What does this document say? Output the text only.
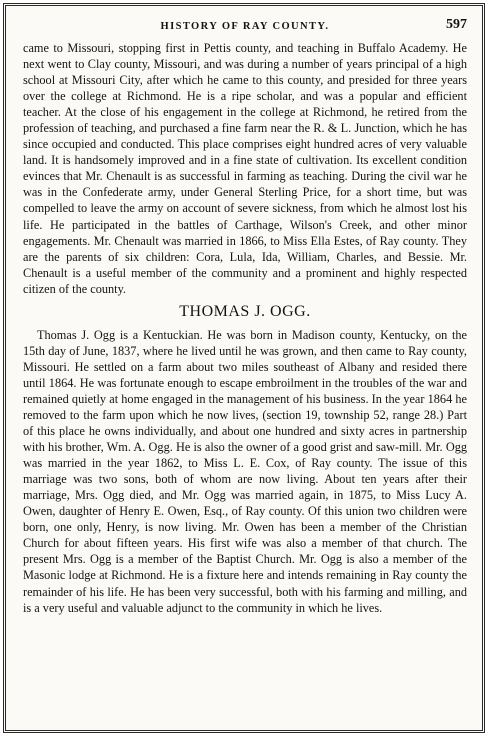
HISTORY OF RAY COUNTY.	597

came to Missouri, stopping first in Pettis county, and teaching in Buffalo Academy. He next went to Clay county, Missouri, and was during a number of years principal of a high school at Missouri City, after which he came to this county, and presided for three years over the college at Richmond. He is a ripe scholar, and was a popular and efficient teacher. At the close of his engagement in the college at Richmond, he retired from the profession of teaching, and purchased a fine farm near the R. & L. Junction, which he has since occupied and conducted. This place comprises eight hundred acres of very valuable land. It is handsomely improved and in a fine state of cultivation. Its excellent condition evinces that Mr. Chenault is as successful in farming as teaching. During the civil war he was in the Confederate army, under General Sterling Price, for a short time, but was compelled to leave the army on account of severe sickness, from which he almost lost his life. He participated in the battles of Carthage, Wilson's Creek, and other minor engagements. Mr. Chenault was married in 1866, to Miss Ella Estes, of Ray county. They are the parents of six children: Cora, Lula, Ida, William, Charles, and Bessie. Mr. Chenault is a useful member of the community and a prominent and highly respected citizen of the county.

THOMAS J. OGG.

Thomas J. Ogg is a Kentuckian. He was born in Madison county, Kentucky, on the 15th day of June, 1837, where he lived until he was grown, and then came to Ray county, Missouri. He settled on a farm about two miles southeast of Albany and resided there until 1864. He was fortunate enough to escape embroilment in the troubles of the war and remained quietly at home engaged in the management of his business. In the year 1864 he removed to the farm upon which he now lives, (section 19, township 52, range 28.) Part of this place he owns individually, and about one hundred and sixty acres in partnership with his brother, Wm. A. Ogg. He is also the owner of a good grist and saw-mill. Mr. Ogg was married in the year 1862, to Miss L. E. Cox, of Ray county. The issue of this marriage was two sons, both of whom are now living. About ten years after their marriage, Mrs. Ogg died, and Mr. Ogg was married again, in 1875, to Miss Lucy A. Owen, daughter of Henry E. Owen, Esq., of Ray county. Of this union two children were born, one only, Henry, is now living. Mr. Owen has been a member of the Christian Church for about fifteen years. His first wife was also a member of that church. The present Mrs. Ogg is a member of the Baptist Church. Mr. Ogg is also a member of the Masonic lodge at Richmond. He is a fixture here and intends remaining in Ray county the remainder of his life. He has been very successful, both with his farming and milling, and is a very useful and valuable adjunct to the community in which he lives.
